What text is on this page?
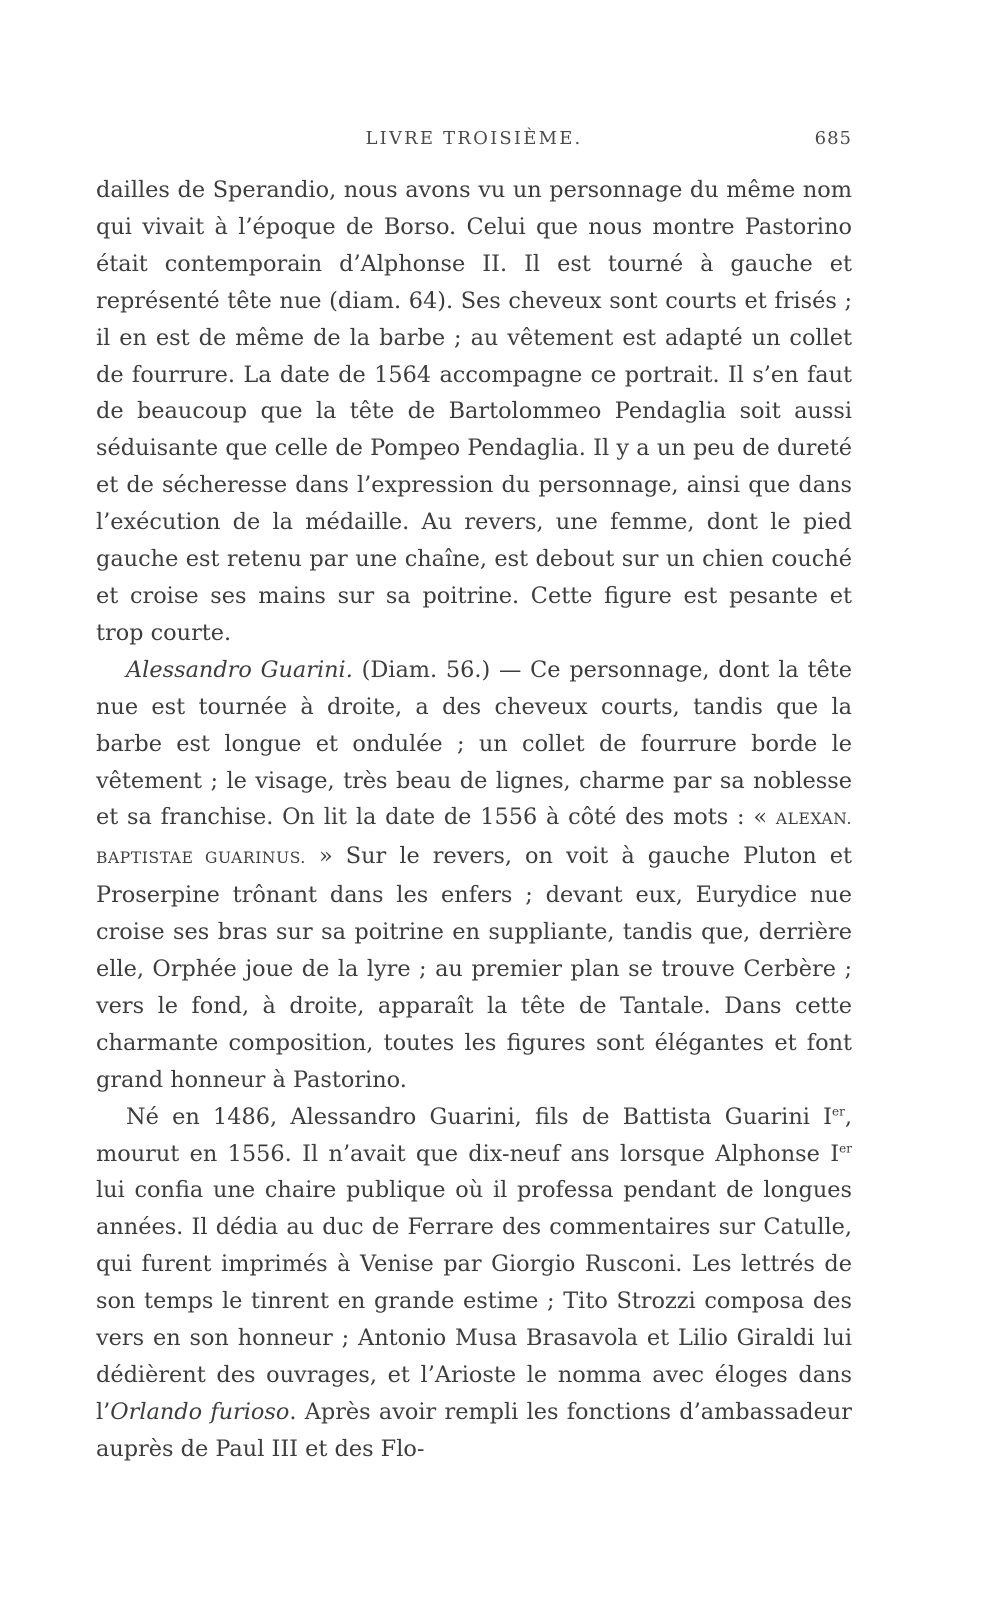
LIVRE TROISIÈME.	685

dailles de Sperandio, nous avons vu un personnage du même nom qui vivait à l’époque de Borso. Celui que nous montre Pastorino était contemporain d’Alphonse II. Il est tourné à gauche et représenté tête nue (diam. 64). Ses cheveux sont courts et frisés ; il en est de même de la barbe ; au vêtement est adapté un collet de fourrure. La date de 1564 accompagne ce portrait. Il s’en faut de beaucoup que la tête de Bartolommeo Pendaglia soit aussi séduisante que celle de Pompeo Pendaglia. Il y a un peu de dureté et de sécheresse dans l’expression du personnage, ainsi que dans l’exécution de la médaille. Au revers, une femme, dont le pied gauche est retenu par une chaîne, est debout sur un chien couché et croise ses mains sur sa poitrine. Cette figure est pesante et trop courte.

Alessandro Guarini. (Diam. 56.) — Ce personnage, dont la tête nue est tournée à droite, a des cheveux courts, tandis que la barbe est longue et ondulée ; un collet de fourrure borde le vêtement ; le visage, très beau de lignes, charme par sa noblesse et sa franchise. On lit la date de 1556 à côté des mots : « ALEXAN. BAPTISTAE GUARINUS. » Sur le revers, on voit à gauche Pluton et Proserpine trônant dans les enfers ; devant eux, Eurydice nue croise ses bras sur sa poitrine en suppliante, tandis que, derrière elle, Orphée joue de la lyre ; au premier plan se trouve Cerbère ; vers le fond, à droite, apparaît la tête de Tantale. Dans cette charmante composition, toutes les figures sont élégantes et font grand honneur à Pastorino.

Né en 1486, Alessandro Guarini, fils de Battista Guarini Ier, mourut en 1556. Il n’avait que dix-neuf ans lorsque Alphonse Ier lui confia une chaire publique où il professa pendant de longues années. Il dédia au duc de Ferrare des commentaires sur Catulle, qui furent imprimés à Venise par Giorgio Rusconi. Les lettrés de son temps le tinrent en grande estime ; Tito Strozzi composa des vers en son honneur ; Antonio Musa Brasavola et Lilio Giraldi lui dédièrent des ouvrages, et l’Arioste le nomma avec éloges dans l’Orlando furioso. Après avoir rempli les fonctions d’ambassadeur auprès de Paul III et des Flo-
